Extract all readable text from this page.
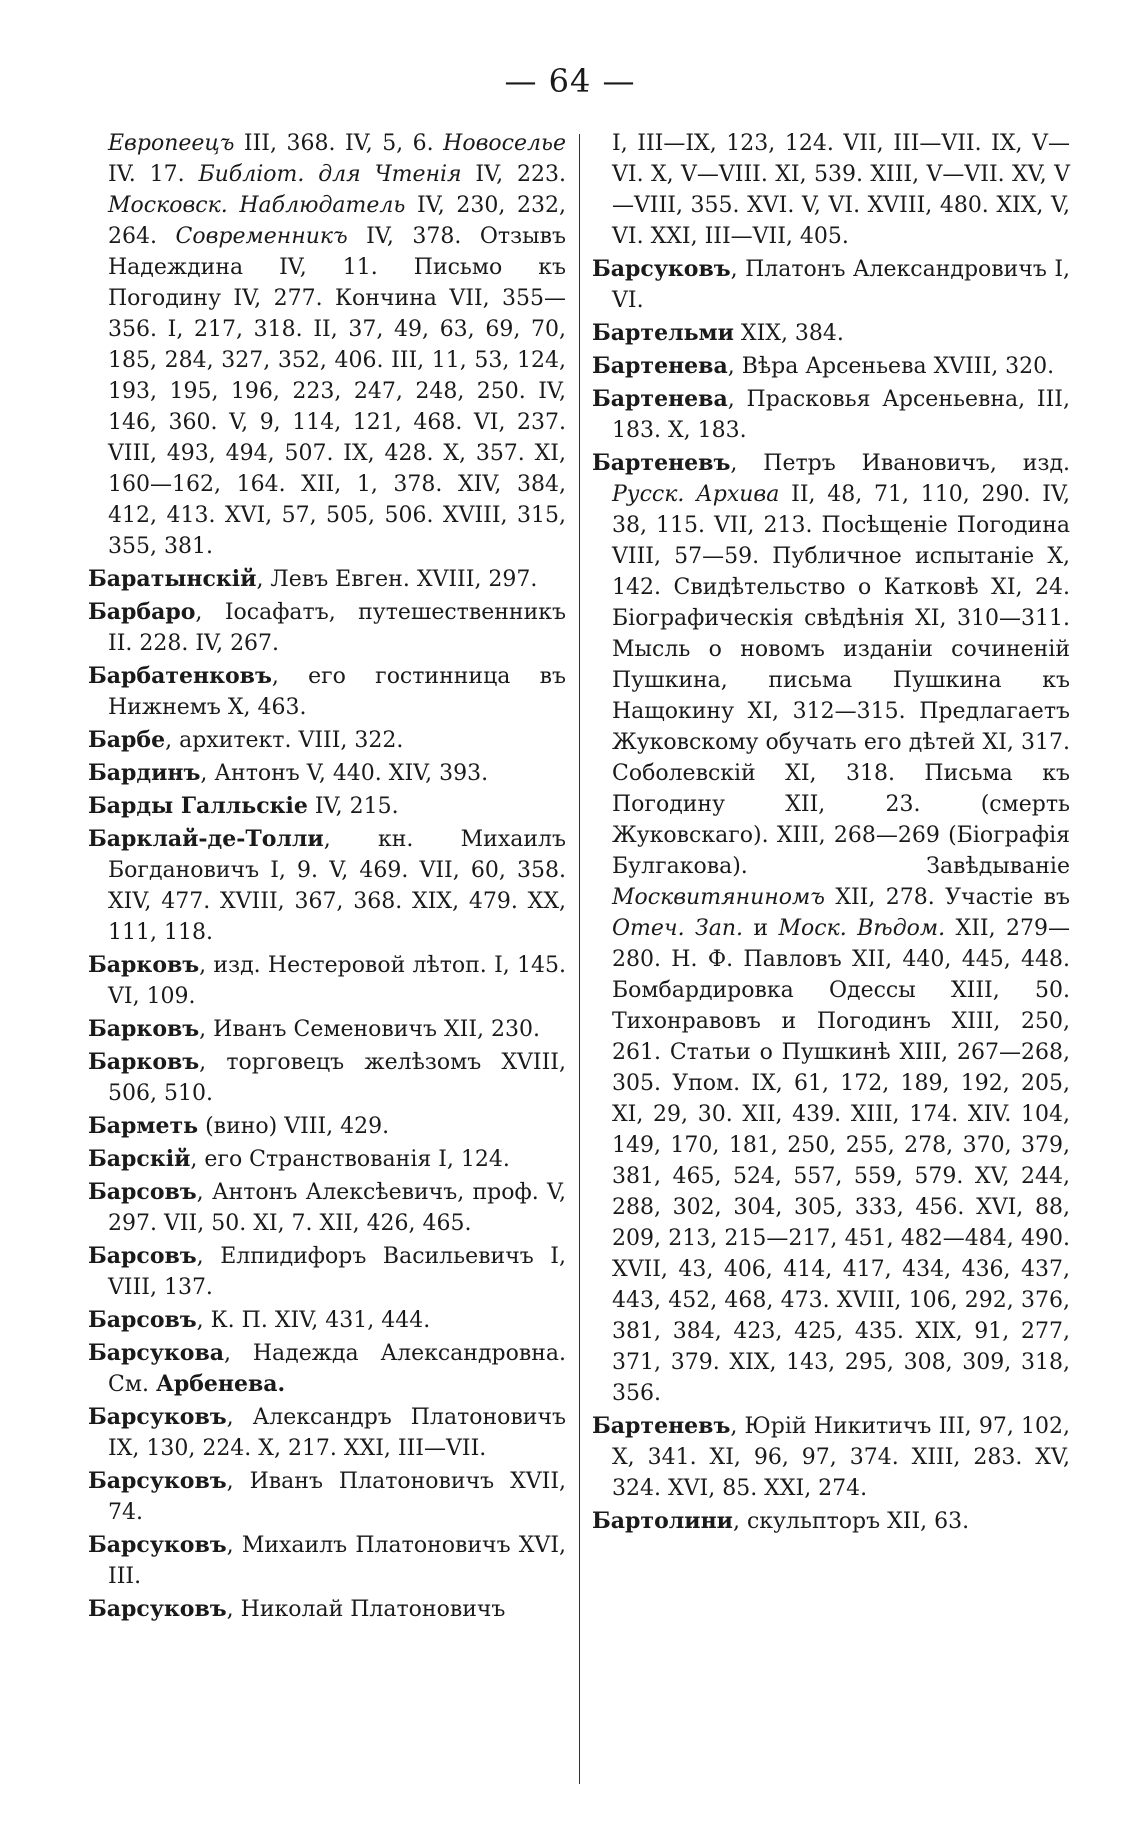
— 64 —

Европеецъ III, 368. IV, 5, 6. Новоселье IV. 17. Библіот. для Чтенія IV, 223. Московск. Наблюдатель IV, 230, 232, 264. Современникъ IV, 378. Отзывъ Надеждина IV, 11. Письмо къ Погодину IV, 277. Кончина VII, 355—356. I, 217, 318. II, 37, 49, 63, 69, 70, 185, 284, 327, 352, 406. III, 11, 53, 124, 193, 195, 196, 223, 247, 248, 250. IV, 146, 360. V, 9, 114, 121, 468. VI, 237. VIII, 493, 494, 507. IX, 428. X, 357. XI, 160—162, 164. XII, 1, 378. XIV, 384, 412, 413. XVI, 57, 505, 506. XVIII, 315, 355, 381.

Баратынскій, Левъ Евген. XVIII, 297.

Барбаро, Іосафатъ, путешественникъ II. 228. IV, 267.

Барбатенковъ, его гостинница въ Нижнемъ X, 463.

Барбе, архитект. VIII, 322.

Бардинъ, Антонъ V, 440. XIV, 393.

Барды Галльскіе IV, 215.

Барклай-де-Толли, кн. Михаилъ Богдановичъ I, 9. V, 469. VII, 60, 358. XIV, 477. XVIII, 367, 368. XIX, 479. XX, 111, 118.

Барковъ, изд. Нестеровой лѣтоп. I, 145. VI, 109.

Барковъ, Иванъ Семеновичъ XII, 230.

Барковъ, торговецъ желѣзомъ XVIII, 506, 510.

Барметь (вино) VIII, 429.

Барскій, его Странствованія I, 124.

Барсовъ, Антонъ Алексѣевичъ, проф. V, 297. VII, 50. XI, 7. XII, 426, 465.

Барсовъ, Елпидифоръ Васильевичъ I, VIII, 137.

Барсовъ, К. П. XIV, 431, 444.

Барсукова, Надежда Александровна. См. Арбенева.

Барсуковъ, Александръ Платоновичъ IX, 130, 224. X, 217. XXI, III—VII.

Барсуковъ, Иванъ Платоновичъ XVII, 74.

Барсуковъ, Михаилъ Платоновичъ XVI, III.

Барсуковъ, Николай Платоновичъ

I, III—IX, 123, 124. VII, III—VII. IX, V—VI. X, V—VIII. XI, 539. XIII, V—VII. XV, V—VIII, 355. XVI. V, VI. XVIII, 480. XIX, V, VI. XXI, III—VII, 405.

Барсуковъ, Платонъ Александровичъ I, VI.

Бартельми XIX, 384.

Бартенева, Вѣра Арсеньева XVIII, 320.

Бартенева, Прасковья Арсеньевна, III, 183. X, 183.

Бартеневъ, Петръ Ивановичъ, изд. Русск. Архива II, 48, 71, 110, 290. IV, 38, 115. VII, 213. Посѣщеніе Погодина VIII, 57—59. Публичное испытаніе X, 142. Свидѣтельство о Катковѣ XI, 24. Біографическія свѣдѣнія XI, 310—311. Мысль о новомъ изданіи сочиненій Пушкина, письма Пушкина къ Нащокину XI, 312—315. Предлагаетъ Жуковскому обучать его дѣтей XI, 317. Соболевскій XI, 318. Письма къ Погодину XII, 23. (смерть Жуковскаго). XIII, 268—269 (Біографія Булгакова). Завѣдываніе Москвитяниномъ XII, 278. Участіе въ Отеч. Зап. и Моск. Вѣдом. XII, 279—280. Н. Ф. Павловъ XII, 440, 445, 448. Бомбардировка Одессы XIII, 50. Тихонравовъ и Погодинъ XIII, 250, 261. Статьи о Пушкинѣ XIII, 267—268, 305. Упом. IX, 61, 172, 189, 192, 205, XI, 29, 30. XII, 439. XIII, 174. XIV. 104, 149, 170, 181, 250, 255, 278, 370, 379, 381, 465, 524, 557, 559, 579. XV, 244, 288, 302, 304, 305, 333, 456. XVI, 88, 209, 213, 215—217, 451, 482—484, 490. XVII, 43, 406, 414, 417, 434, 436, 437, 443, 452, 468, 473. XVIII, 106, 292, 376, 381, 384, 423, 425, 435. XIX, 91, 277, 371, 379. XIX, 143, 295, 308, 309, 318, 356.

Бартеневъ, Юрій Никитичъ III, 97, 102, X, 341. XI, 96, 97, 374. XIII, 283. XV, 324. XVI, 85. XXI, 274.

Бартолини, скульпторъ XII, 63.
